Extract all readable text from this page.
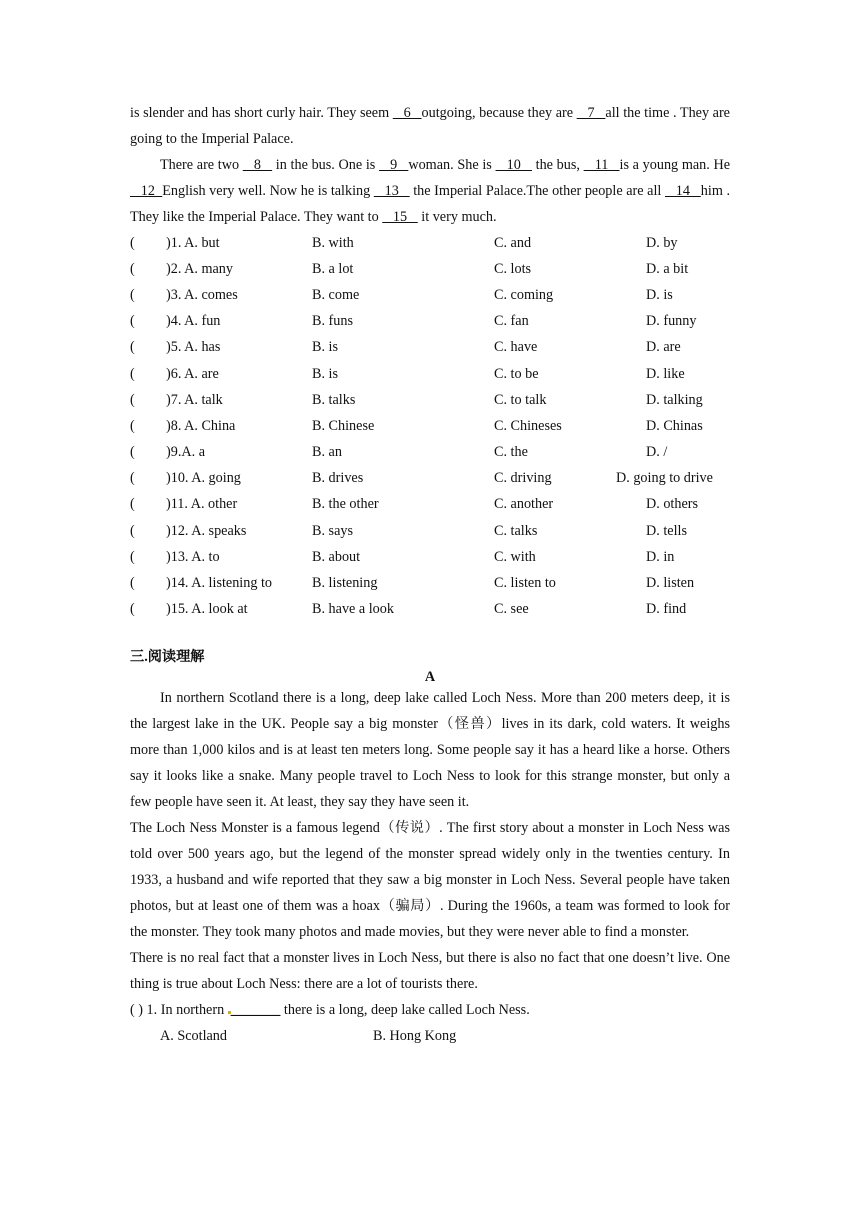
is slender and has short curly hair. They seem    6   outgoing, because they are    7   all the time . They are going to the Imperial Palace.

There are two    8    in the bus. One is    9   woman. She is    10    the bus,    11   is a young man. He    12  English very well. Now he is talking    13    the Imperial Palace.The other people are all    14   him . They like the Imperial Palace. They want to    15    it very much.

(	)1. A. but	B. with	C. and	D. by
(	)2. A. many	B. a lot	C. lots	D. a bit
(	)3. A. comes	B. come	C. coming	D. is
(	)4. A. fun	B. funs	C. fan	D. funny
(	)5. A. has	B. is	C. have	D. are
(	)6. A. are	B. is	C. to be	D. like
(	)7. A. talk	B. talks	C. to talk	D. talking
(	)8. A. China	B. Chinese	C. Chineses	D. Chinas
(	)9.A. a	B. an	C. the	D. /
(	)10. A. going	B. drives	C. driving	D. going to drive
(	)11. A. other	B. the other	C. another	D. others
(	)12. A. speaks	B. says	C. talks	D. tells
(	)13. A. to	B. about	C. with	D. in
(	)14. A. listening to	B. listening	C. listen to	D. listen
(	)15. A. look at	B. have a look	C. see	D. find
三.阅读理解
A

In northern Scotland there is a long, deep lake called Loch Ness. More than 200 meters deep, it is the largest lake in the UK. People say a big monster（怪兽）lives in its dark, cold waters. It weighs more than 1,000 kilos and is at least ten meters long. Some people say it has a heard like a horse. Others say it looks like a snake. Many people travel to Loch Ness to look for this strange monster, but only a few people have seen it. At least, they say they have seen it.

The Loch Ness Monster is a famous legend（传说）. The first story about a monster in Loch Ness was told over 500 years ago, but the legend of the monster spread widely only in the twenties century. In 1933, a husband and wife reported that they saw a big monster in Loch Ness. Several people have taken photos, but at least one of them was a hoax（骗局）. During the 1960s, a team was formed to look for the monster. They took many photos and made movies, but they were never able to find a monster.

There is no real fact that a monster lives in Loch Ness, but there is also no fact that one doesn’t live. One thing is true about Loch Ness: there are a lot of tourists there.

( ) 1. In northern _______ there is a long, deep lake called Loch Ness.

A. Scotland	B. Hong Kong
